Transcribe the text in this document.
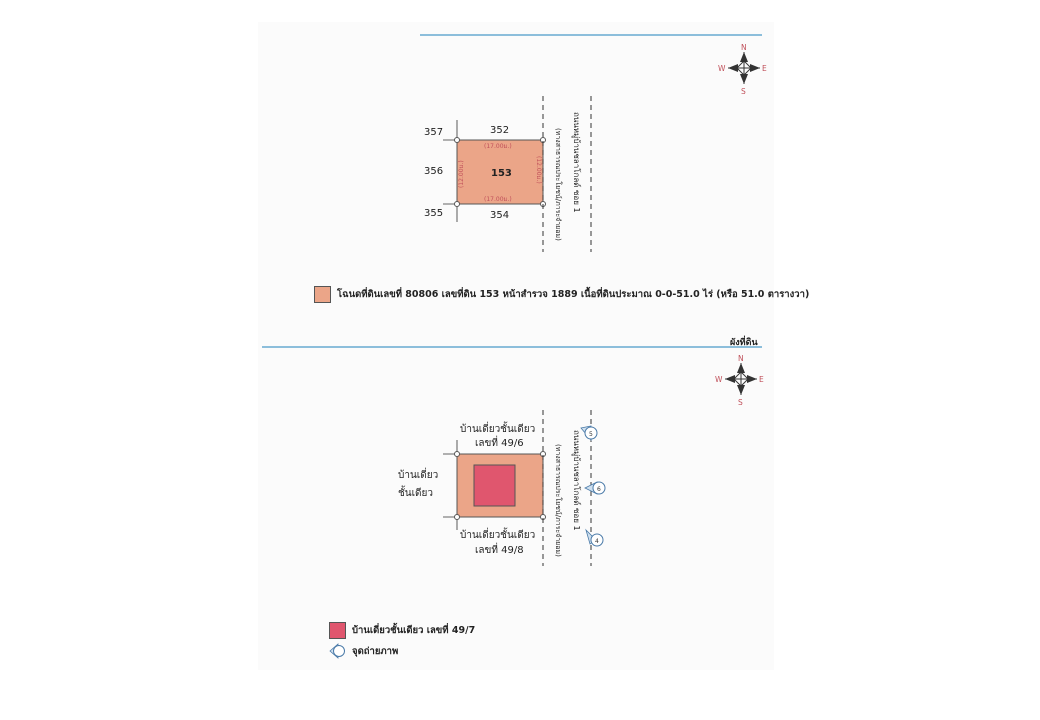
N
S
E
W
153
(17.00ม.)
(17.00ม.)
(12.00ม.)	(12.00ม.)
357	352
356
355	354
ถนนหมู่บ้านชลาโกลด์ ซอย 1
(ทางสาธารณประโยชน์/ภาระจำยอม)
N
S
E
W
บ้านเดี่ยวชั้นเดียว
เลขที่ 49/6
บ้านเดี่ยว
ชั้นเดียว
บ้านเดี่ยวชั้นเดียว
เลขที่ 49/8
ถนนหมู่บ้านชลาโกลด์ ซอย 1
(ทางสาธารณประโยชน์/ภาระจำยอม)
5
6
4
โฉนดที่ดินเลขที่ 80806 เลขที่ดิน 153 หน้าสำรวจ 1889 เนื้อที่ดินประมาณ 0-0-51.0 ไร่ (หรือ 51.0 ตารางวา)
ผังที่ดิน
บ้านเดี่ยวชั้นเดียว เลขที่ 49/7
จุดถ่ายภาพ
